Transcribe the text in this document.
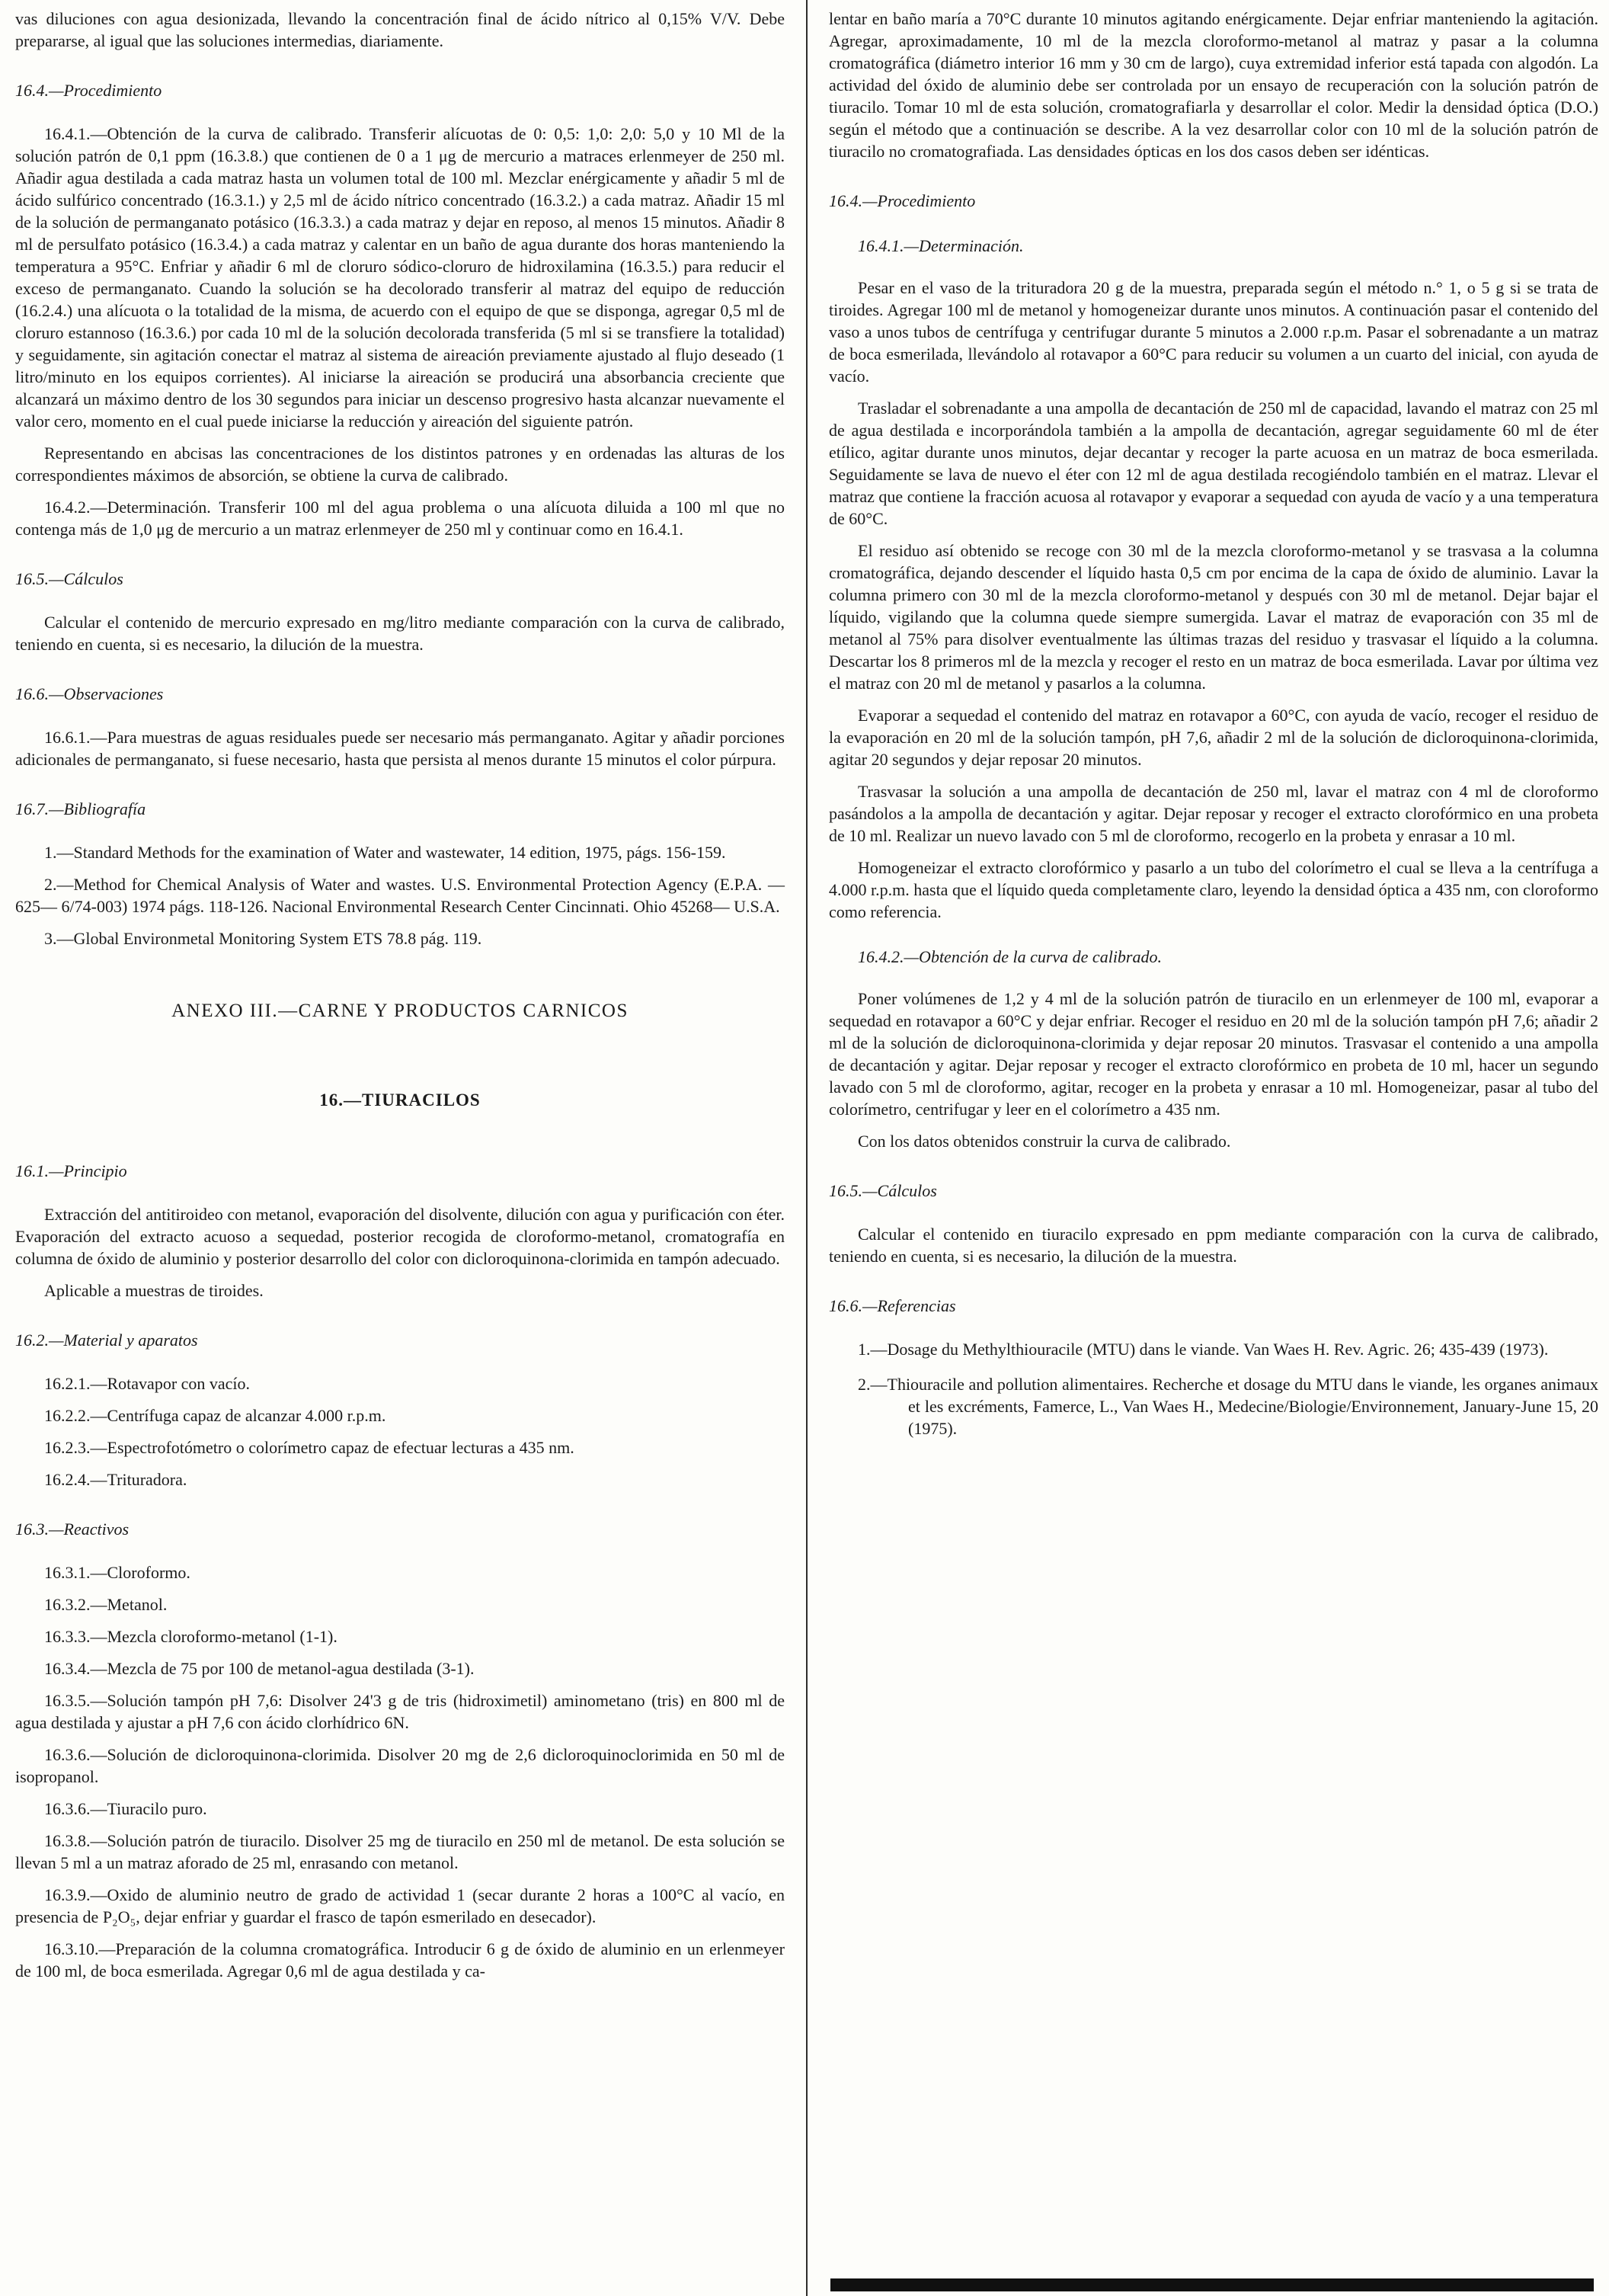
vas diluciones con agua desionizada, llevando la concentración final de ácido nítrico al 0,15% V/V. Debe prepararse, al igual que las soluciones intermedias, diariamente.

16.4.—Procedimiento

16.4.1.—Obtención de la curva de calibrado. Transferir alícuotas de 0: 0,5: 1,0: 2,0: 5,0 y 10 Ml de la solución patrón de 0,1 ppm (16.3.8.) que contienen de 0 a 1 μg de mercurio a matraces erlenmeyer de 250 ml. Añadir agua destilada a cada matraz hasta un volumen total de 100 ml. Mezclar enérgicamente y añadir 5 ml de ácido sulfúrico concentrado (16.3.1.) y 2,5 ml de ácido nítrico concentrado (16.3.2.) a cada matraz. Añadir 15 ml de la solución de permanganato potásico (16.3.3.) a cada matraz y dejar en reposo, al menos 15 minutos. Añadir 8 ml de persulfato potásico (16.3.4.) a cada matraz y calentar en un baño de agua durante dos horas manteniendo la temperatura a 95°C. Enfriar y añadir 6 ml de cloruro sódico-cloruro de hidroxilamina (16.3.5.) para reducir el exceso de permanganato. Cuando la solución se ha decolorado transferir al matraz del equipo de reducción (16.2.4.) una alícuota o la totalidad de la misma, de acuerdo con el equipo de que se disponga, agregar 0,5 ml de cloruro estannoso (16.3.6.) por cada 10 ml de la solución decolorada transferida (5 ml si se transfiere la totalidad) y seguidamente, sin agitación conectar el matraz al sistema de aireación previamente ajustado al flujo deseado (1 litro/minuto en los equipos corrientes). Al iniciarse la aireación se producirá una absorbancia creciente que alcanzará un máximo dentro de los 30 segundos para iniciar un descenso progresivo hasta alcanzar nuevamente el valor cero, momento en el cual puede iniciarse la reducción y aireación del siguiente patrón.

Representando en abcisas las concentraciones de los distintos patrones y en ordenadas las alturas de los correspondientes máximos de absorción, se obtiene la curva de calibrado.

16.4.2.—Determinación. Transferir 100 ml del agua problema o una alícuota diluida a 100 ml que no contenga más de 1,0 μg de mercurio a un matraz erlenmeyer de 250 ml y continuar como en 16.4.1.

16.5.—Cálculos

Calcular el contenido de mercurio expresado en mg/litro mediante comparación con la curva de calibrado, teniendo en cuenta, si es necesario, la dilución de la muestra.

16.6.—Observaciones

16.6.1.—Para muestras de aguas residuales puede ser necesario más permanganato. Agitar y añadir porciones adicionales de permanganato, si fuese necesario, hasta que persista al menos durante 15 minutos el color púrpura.

16.7.—Bibliografía

1.—Standard Methods for the examination of Water and wastewater, 14 edition, 1975, págs. 156-159.

2.—Method for Chemical Analysis of Water and wastes. U.S. Environmental Protection Agency (E.P.A. —625— 6/74-003) 1974 págs. 118-126. Nacional Environmental Research Center Cincinnati. Ohio 45268— U.S.A.

3.—Global Environmetal Monitoring System ETS 78.8 pág. 119.

ANEXO III.—CARNE Y PRODUCTOS CARNICOS

16.—TIURACILOS

16.1.—Principio

Extracción del antitiroideo con metanol, evaporación del disolvente, dilución con agua y purificación con éter. Evaporación del extracto acuoso a sequedad, posterior recogida de cloroformo-metanol, cromatografía en columna de óxido de aluminio y posterior desarrollo del color con dicloroquinona-clorimida en tampón adecuado.

Aplicable a muestras de tiroides.

16.2.—Material y aparatos

16.2.1.—Rotavapor con vacío.

16.2.2.—Centrífuga capaz de alcanzar 4.000 r.p.m.

16.2.3.—Espectrofotómetro o colorímetro capaz de efectuar lecturas a 435 nm.

16.2.4.—Trituradora.

16.3.—Reactivos

16.3.1.—Cloroformo.

16.3.2.—Metanol.

16.3.3.—Mezcla cloroformo-metanol (1-1).

16.3.4.—Mezcla de 75 por 100 de metanol-agua destilada (3-1).

16.3.5.—Solución tampón pH 7,6: Disolver 24'3 g de tris (hidroximetil) aminometano (tris) en 800 ml de agua destilada y ajustar a pH 7,6 con ácido clorhídrico 6N.

16.3.6.—Solución de dicloroquinona-clorimida. Disolver 20 mg de 2,6 dicloroquinoclorimida en 50 ml de isopropanol.

16.3.6.—Tiuracilo puro.

16.3.8.—Solución patrón de tiuracilo. Disolver 25 mg de tiuracilo en 250 ml de metanol. De esta solución se llevan 5 ml a un matraz aforado de 25 ml, enrasando con metanol.

16.3.9.—Oxido de aluminio neutro de grado de actividad 1 (secar durante 2 horas a 100°C al vacío, en presencia de P₂O₅, dejar enfriar y guardar el frasco de tapón esmerilado en desecador).

16.3.10.—Preparación de la columna cromatográfica. Introducir 6 g de óxido de aluminio en un erlenmeyer de 100 ml, de boca esmerilada. Agregar 0,6 ml de agua destilada y ca-

lentar en baño maría a 70°C durante 10 minutos agitando enérgicamente. Dejar enfriar manteniendo la agitación. Agregar, aproximadamente, 10 ml de la mezcla cloroformo-metanol al matraz y pasar a la columna cromatográfica (diámetro interior 16 mm y 30 cm de largo), cuya extremidad inferior está tapada con algodón. La actividad del óxido de aluminio debe ser controlada por un ensayo de recuperación con la solución patrón de tiuracilo. Tomar 10 ml de esta solución, cromatografiarla y desarrollar el color. Medir la densidad óptica (D.O.) según el método que a continuación se describe. A la vez desarrollar color con 10 ml de la solución patrón de tiuracilo no cromatografiada. Las densidades ópticas en los dos casos deben ser idénticas.

16.4.—Procedimiento

16.4.1.—Determinación.

Pesar en el vaso de la trituradora 20 g de la muestra, preparada según el método n.° 1, o 5 g si se trata de tiroides. Agregar 100 ml de metanol y homogeneizar durante unos minutos. A continuación pasar el contenido del vaso a unos tubos de centrífuga y centrifugar durante 5 minutos a 2.000 r.p.m. Pasar el sobrenadante a un matraz de boca esmerilada, llevándolo al rotavapor a 60°C para reducir su volumen a un cuarto del inicial, con ayuda de vacío.

Trasladar el sobrenadante a una ampolla de decantación de 250 ml de capacidad, lavando el matraz con 25 ml de agua destilada e incorporándola también a la ampolla de decantación, agregar seguidamente 60 ml de éter etílico, agitar durante unos minutos, dejar decantar y recoger la parte acuosa en un matraz de boca esmerilada. Seguidamente se lava de nuevo el éter con 12 ml de agua destilada recogiéndolo también en el matraz. Llevar el matraz que contiene la fracción acuosa al rotavapor y evaporar a sequedad con ayuda de vacío y a una temperatura de 60°C.

El residuo así obtenido se recoge con 30 ml de la mezcla cloroformo-metanol y se trasvasa a la columna cromatográfica, dejando descender el líquido hasta 0,5 cm por encima de la capa de óxido de aluminio. Lavar la columna primero con 30 ml de la mezcla cloroformo-metanol y después con 30 ml de metanol. Dejar bajar el líquido, vigilando que la columna quede siempre sumergida. Lavar el matraz de evaporación con 35 ml de metanol al 75% para disolver eventualmente las últimas trazas del residuo y trasvasar el líquido a la columna. Descartar los 8 primeros ml de la mezcla y recoger el resto en un matraz de boca esmerilada. Lavar por última vez el matraz con 20 ml de metanol y pasarlos a la columna.

Evaporar a sequedad el contenido del matraz en rotavapor a 60°C, con ayuda de vacío, recoger el residuo de la evaporación en 20 ml de la solución tampón, pH 7,6, añadir 2 ml de la solución de dicloroquinona-clorimida, agitar 20 segundos y dejar reposar 20 minutos.

Trasvasar la solución a una ampolla de decantación de 250 ml, lavar el matraz con 4 ml de cloroformo pasándolos a la ampolla de decantación y agitar. Dejar reposar y recoger el extracto clorofórmico en una probeta de 10 ml. Realizar un nuevo lavado con 5 ml de cloroformo, recogerlo en la probeta y enrasar a 10 ml.

Homogeneizar el extracto clorofórmico y pasarlo a un tubo del colorímetro el cual se lleva a la centrífuga a 4.000 r.p.m. hasta que el líquido queda completamente claro, leyendo la densidad óptica a 435 nm, con cloroformo como referencia.

16.4.2.—Obtención de la curva de calibrado.

Poner volúmenes de 1,2 y 4 ml de la solución patrón de tiuracilo en un erlenmeyer de 100 ml, evaporar a sequedad en rotavapor a 60°C y dejar enfriar. Recoger el residuo en 20 ml de la solución tampón pH 7,6; añadir 2 ml de la solución de dicloroquinona-clorimida y dejar reposar 20 minutos. Trasvasar el contenido a una ampolla de decantación y agitar. Dejar reposar y recoger el extracto clorofórmico en probeta de 10 ml, hacer un segundo lavado con 5 ml de cloroformo, agitar, recoger en la probeta y enrasar a 10 ml. Homogeneizar, pasar al tubo del colorímetro, centrifugar y leer en el colorímetro a 435 nm.

Con los datos obtenidos construir la curva de calibrado.

16.5.—Cálculos

Calcular el contenido en tiuracilo expresado en ppm mediante comparación con la curva de calibrado, teniendo en cuenta, si es necesario, la dilución de la muestra.

16.6.—Referencias

1.—Dosage du Methylthiouracile (MTU) dans le viande. Van Waes H. Rev. Agric. 26; 435-439 (1973).

2.—Thiouracile and pollution alimentaires. Recherche et dosage du MTU dans le viande, les organes animaux et les excréments, Famerce, L., Van Waes H., Medecine/Biologie/Environnement, January-June 15, 20 (1975).
